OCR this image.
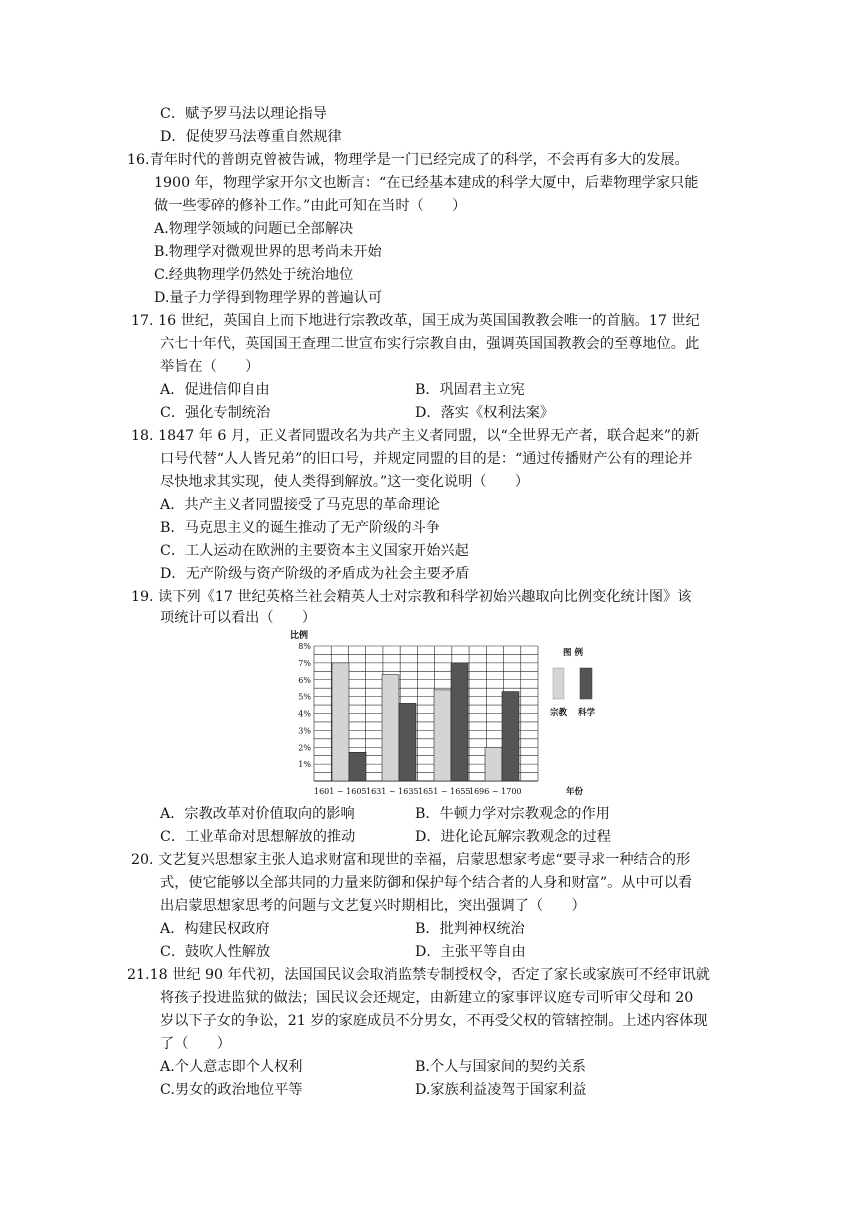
C．赋予罗马法以理论指导
D．促使罗马法尊重自然规律
16.青年时代的普朗克曾被告诫，物理学是一门已经完成了的科学，不会再有多大的发展。
1900 年，物理学家开尔文也断言：“在已经基本建成的科学大厦中，后辈物理学家只能
做一些零碎的修补工作。”由此可知在当时（　　）
A.物理学领域的问题已全部解决
B.物理学对微观世界的思考尚未开始
C.经典物理学仍然处于统治地位
D.量子力学得到物理学界的普遍认可
17. 16 世纪，英国自上而下地进行宗教改革，国王成为英国国教教会唯一的首脑。17 世纪
六七十年代，英国国王查理二世宣布实行宗教自由，强调英国国教教会的至尊地位。此
举旨在（　　）
A．促进信仰自由	B．巩固君主立宪
C．强化专制统治	D．落实《权利法案》
18. 1847 年 6 月，正义者同盟改名为共产主义者同盟，以“全世界无产者，联合起来”的新
口号代替“人人皆兄弟”的旧口号，并规定同盟的目的是：“通过传播财产公有的理论并
尽快地求其实现，使人类得到解放。”这一变化说明（　　）
A．共产主义者同盟接受了马克思的革命理论
B．马克思主义的诞生推动了无产阶级的斗争
C．工人运动在欧洲的主要资本主义国家开始兴起
D．无产阶级与资产阶级的矛盾成为社会主要矛盾
19. 读下列《17 世纪英格兰社会精英人士对宗教和科学初始兴趣取向比例变化统计图》该
项统计可以看出（　　）
比例
1%
2%
3%
4%
5%
6%
7%
8%
1601 ~ 1605 1631 ~ 1635 1651 ~ 1655
1696 ~ 1700	年份
图 例
宗教 科学
A．宗教改革对价值取向的影响	B．牛顿力学对宗教观念的作用
C．工业革命对思想解放的推动	D．进化论瓦解宗教观念的过程
20. 文艺复兴思想家主张人追求财富和现世的幸福，启蒙思想家考虑“要寻求一种结合的形
式，使它能够以全部共同的力量来防御和保护每个结合者的人身和财富”。从中可以看
出启蒙思想家思考的问题与文艺复兴时期相比，突出强调了（　　）
A．构建民权政府	B．批判神权统治
C．鼓吹人性解放	D．主张平等自由
21.18 世纪 90 年代初，法国国民议会取消监禁专制授权令，否定了家长或家族可不经审讯就
将孩子投进监狱的做法；国民议会还规定，由新建立的家事评议庭专司听审父母和 20
岁以下子女的争讼，21 岁的家庭成员不分男女，不再受父权的管辖控制。上述内容体现
了（　　）
A.个人意志即个人权利	B.个人与国家间的契约关系
C.男女的政治地位平等	D.家族利益凌驾于国家利益
